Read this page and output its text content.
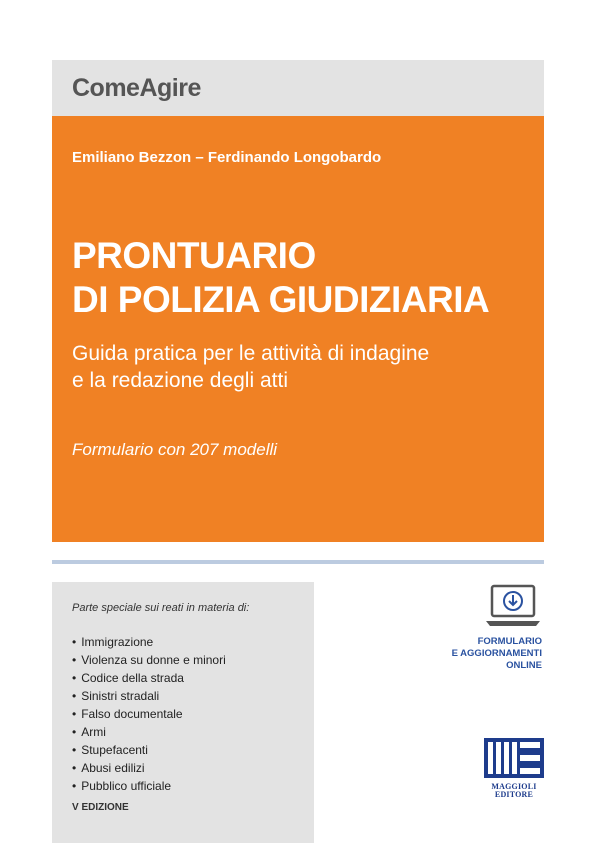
ComeAgire
Emiliano Bezzon – Ferdinando Longobardo
PRONTUARIO
DI POLIZIA GIUDIZIARIA
Guida pratica per le attività di indagine
e la redazione degli atti
Formulario con 207 modelli
Parte speciale sui reati in materia di:
• Immigrazione
• Violenza su donne e minori
• Codice della strada
• Sinistri stradali
• Falso documentale
• Armi
• Stupefacenti
• Abusi edilizi
• Pubblico ufficiale
V EDIZIONE
FORMULARIO
E AGGIORNAMENTI
ONLINE
MAGGIOLI
EDITORE
